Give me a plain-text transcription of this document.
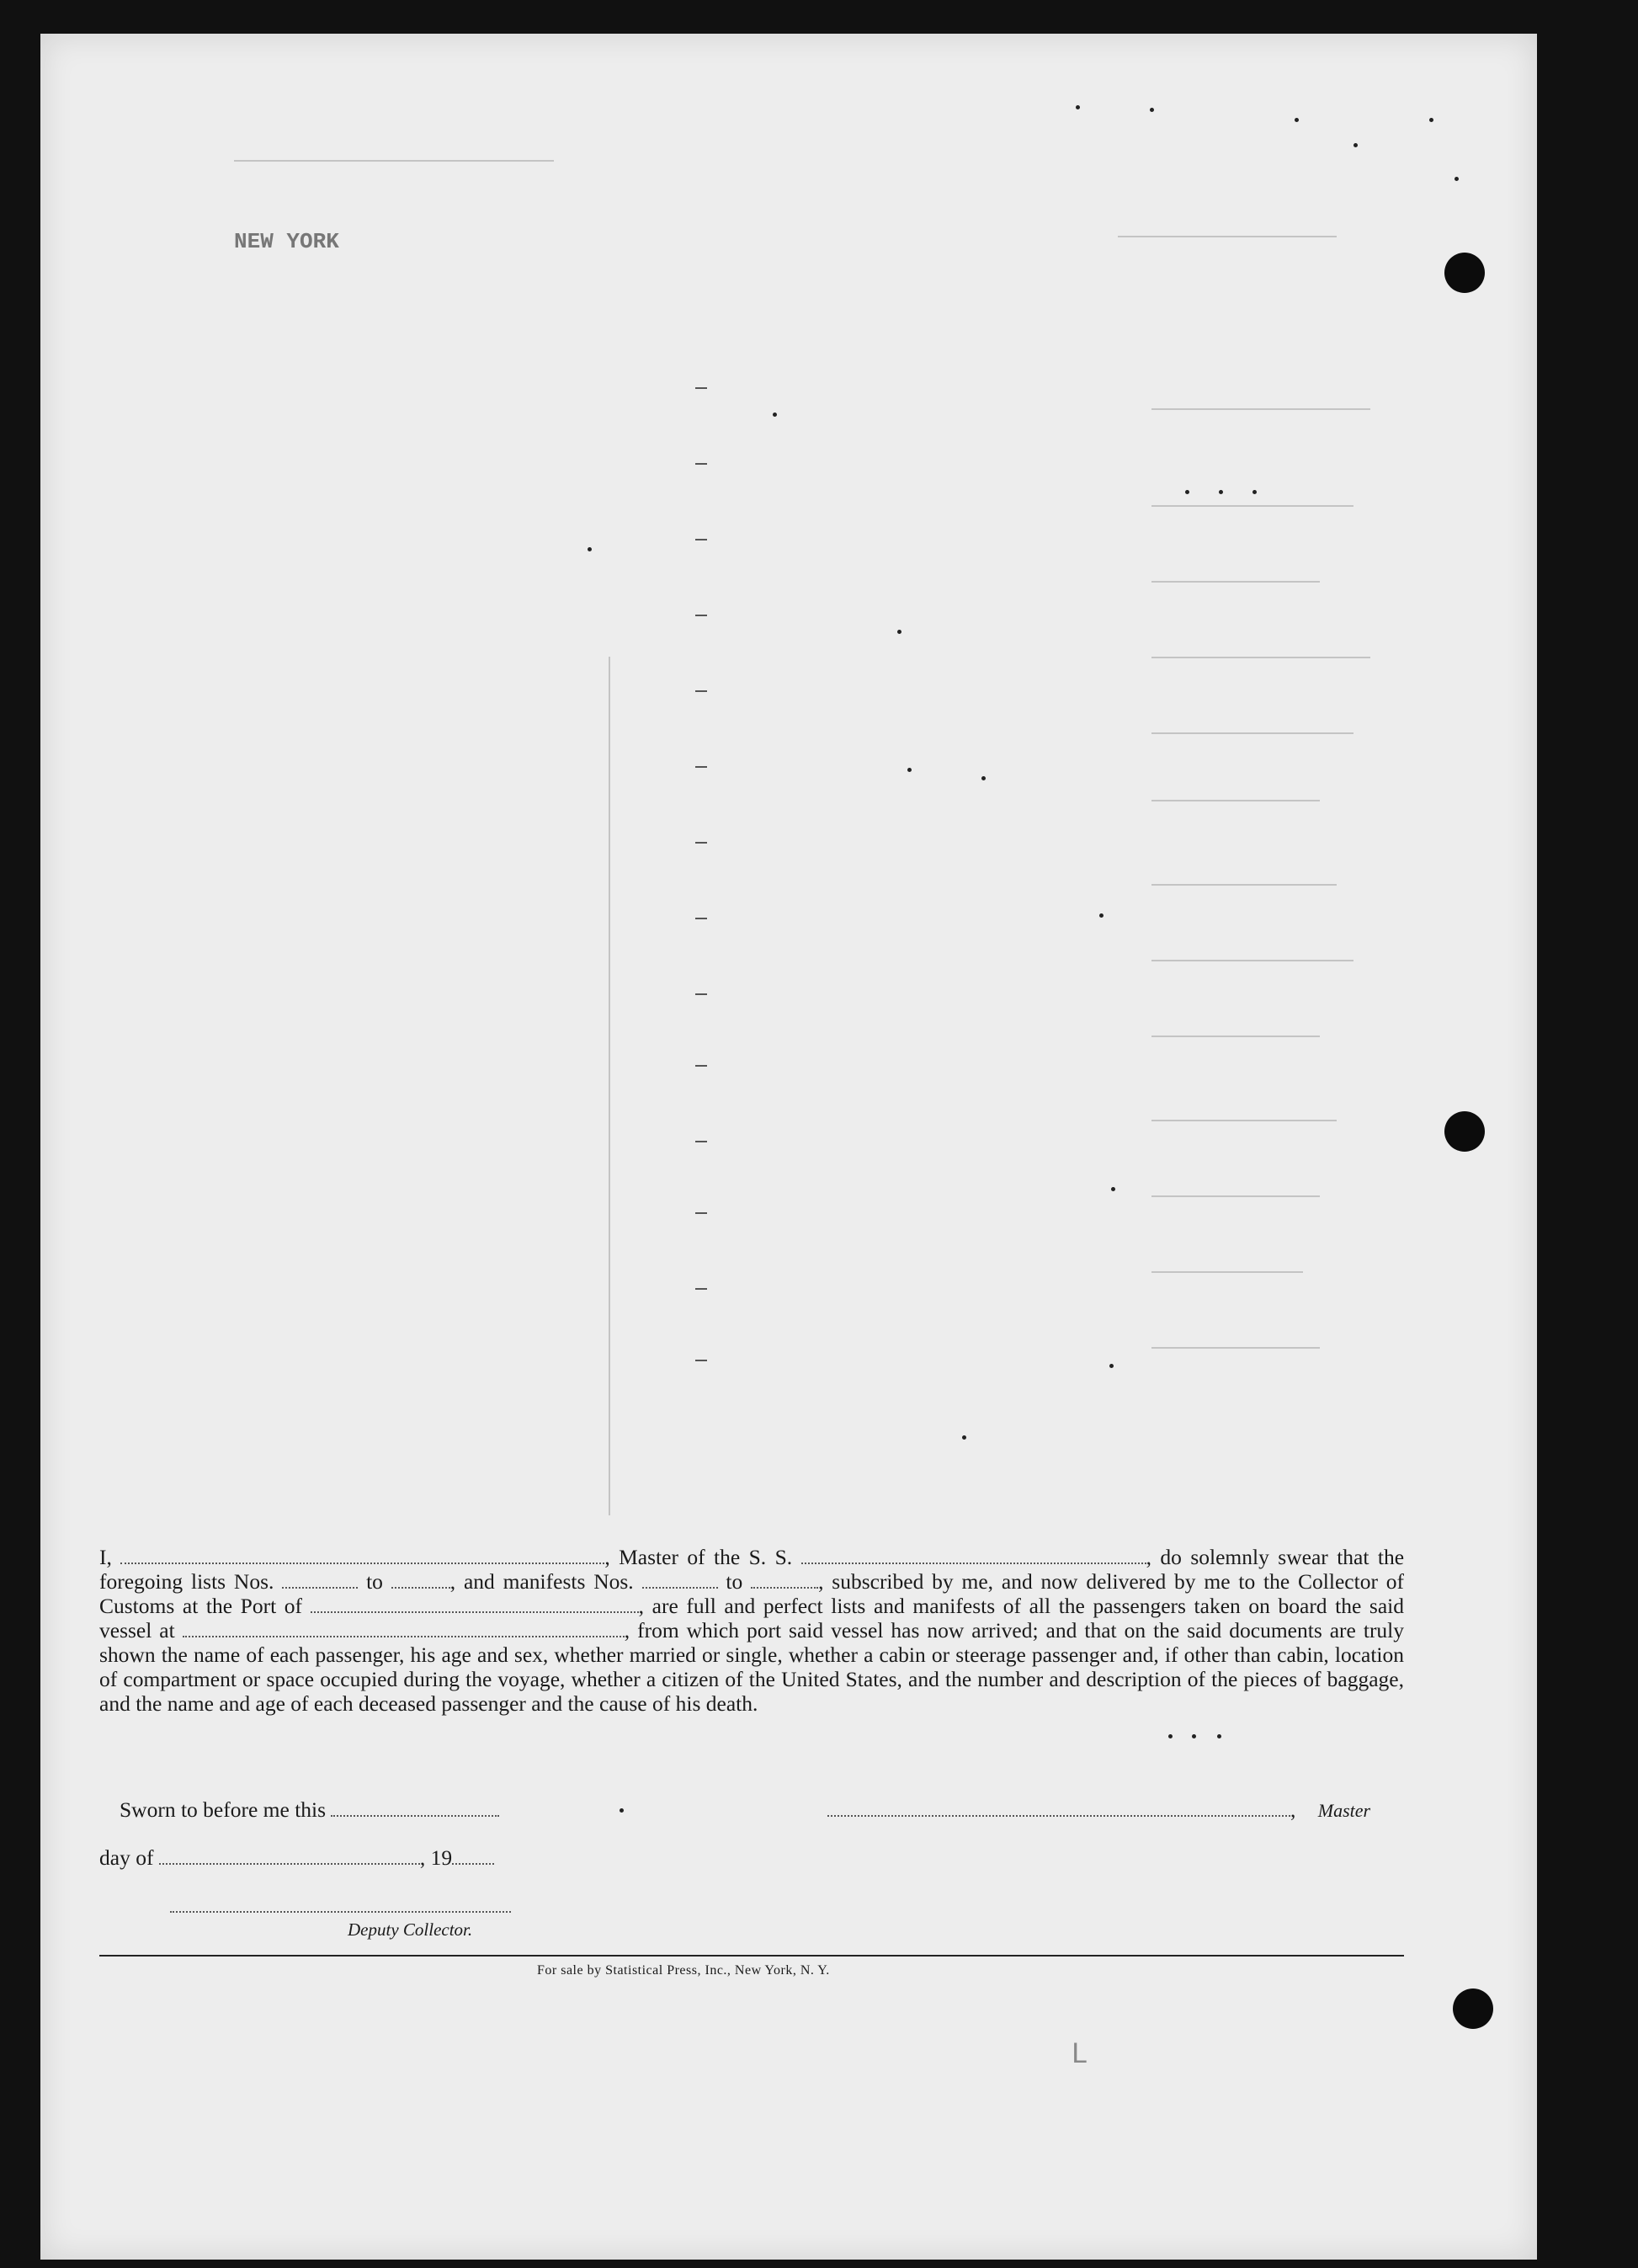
NEW YORK
ᒪ
I,	, Master of the S. S.	, do solemnly swear that the foregoing lists Nos.	to	, and manifests Nos.	to	, subscribed by me, and now delivered by me to the Collector of Customs at the Port of	, are full and perfect lists and manifests of all the passengers taken on board the said vessel at	, from which port said vessel has now arrived; and that on the said documents are truly shown the name of each passenger, his age and sex, whether married or single, whether a cabin or steerage passenger and, if other than cabin, location of compartment or space occupied during the voyage, whether a citizen of the United States, and the number and description of the pieces of baggage, and the name and age of each deceased passenger and the cause of his death.
Sworn to before me this	, Master
day of	, 19
Deputy Collector.
For sale by Statistical Press, Inc., New York, N. Y.
